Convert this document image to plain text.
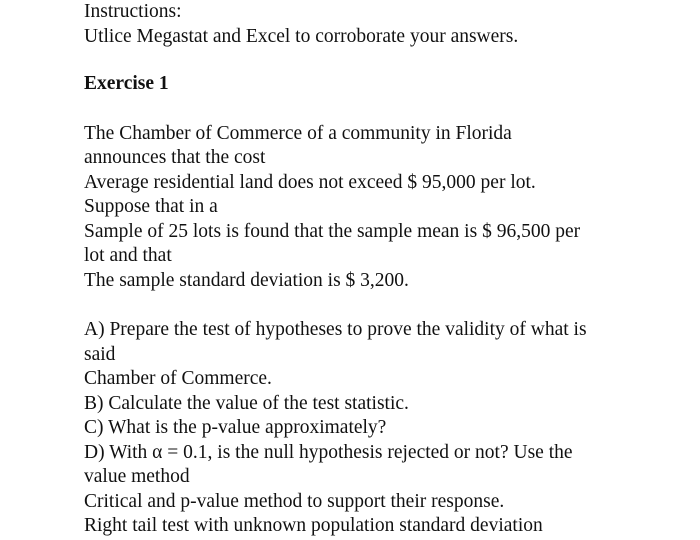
Instructions:
Utlice Megastat and Excel to corroborate your answers.
Exercise 1
The Chamber of Commerce of a community in Florida
announces that the cost
Average residential land does not exceed $ 95,000 per lot.
Suppose that in a
Sample of 25 lots is found that the sample mean is $ 96,500 per
lot and that
The sample standard deviation is $ 3,200.
A) Prepare the test of hypotheses to prove the validity of what is
said
Chamber of Commerce.
B) Calculate the value of the test statistic.
C) What is the p-value approximately?
D) With α = 0.1, is the null hypothesis rejected or not? Use the
value method
Critical and p-value method to support their response.
Right tail test with unknown population standard deviation
